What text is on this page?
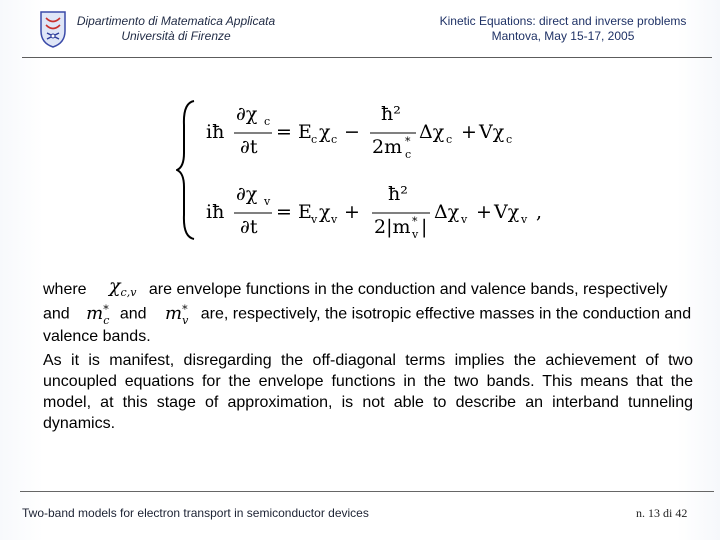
Dipartimento di Matematica Applicata
Università di Firenze
Kinetic Equations: direct and inverse problems
Mantova, May 15-17, 2005
iħ
∂χ c
∂t
= E c χ c −
ħ²
2m *
c
Δχ c + Vχ c
iħ
∂χ v
∂t
= E v χ v +
ħ²
2|m *
v |
Δχ v + Vχ v ,
where $\chi_{c,v}$ are envelope functions in the conduction and valence bands, respectively and m *
c and m *
v are, respectively, the isotropic effective masses in the conduction and valence bands.
As it is manifest, disregarding the off-diagonal terms implies the achievement of two uncoupled equations for the envelope functions in the two bands. This means that the model, at this stage of approximation, is not able to describe an interband tunneling dynamics.
Two-band models for electron transport in semiconductor devices	n. 13 di 42
